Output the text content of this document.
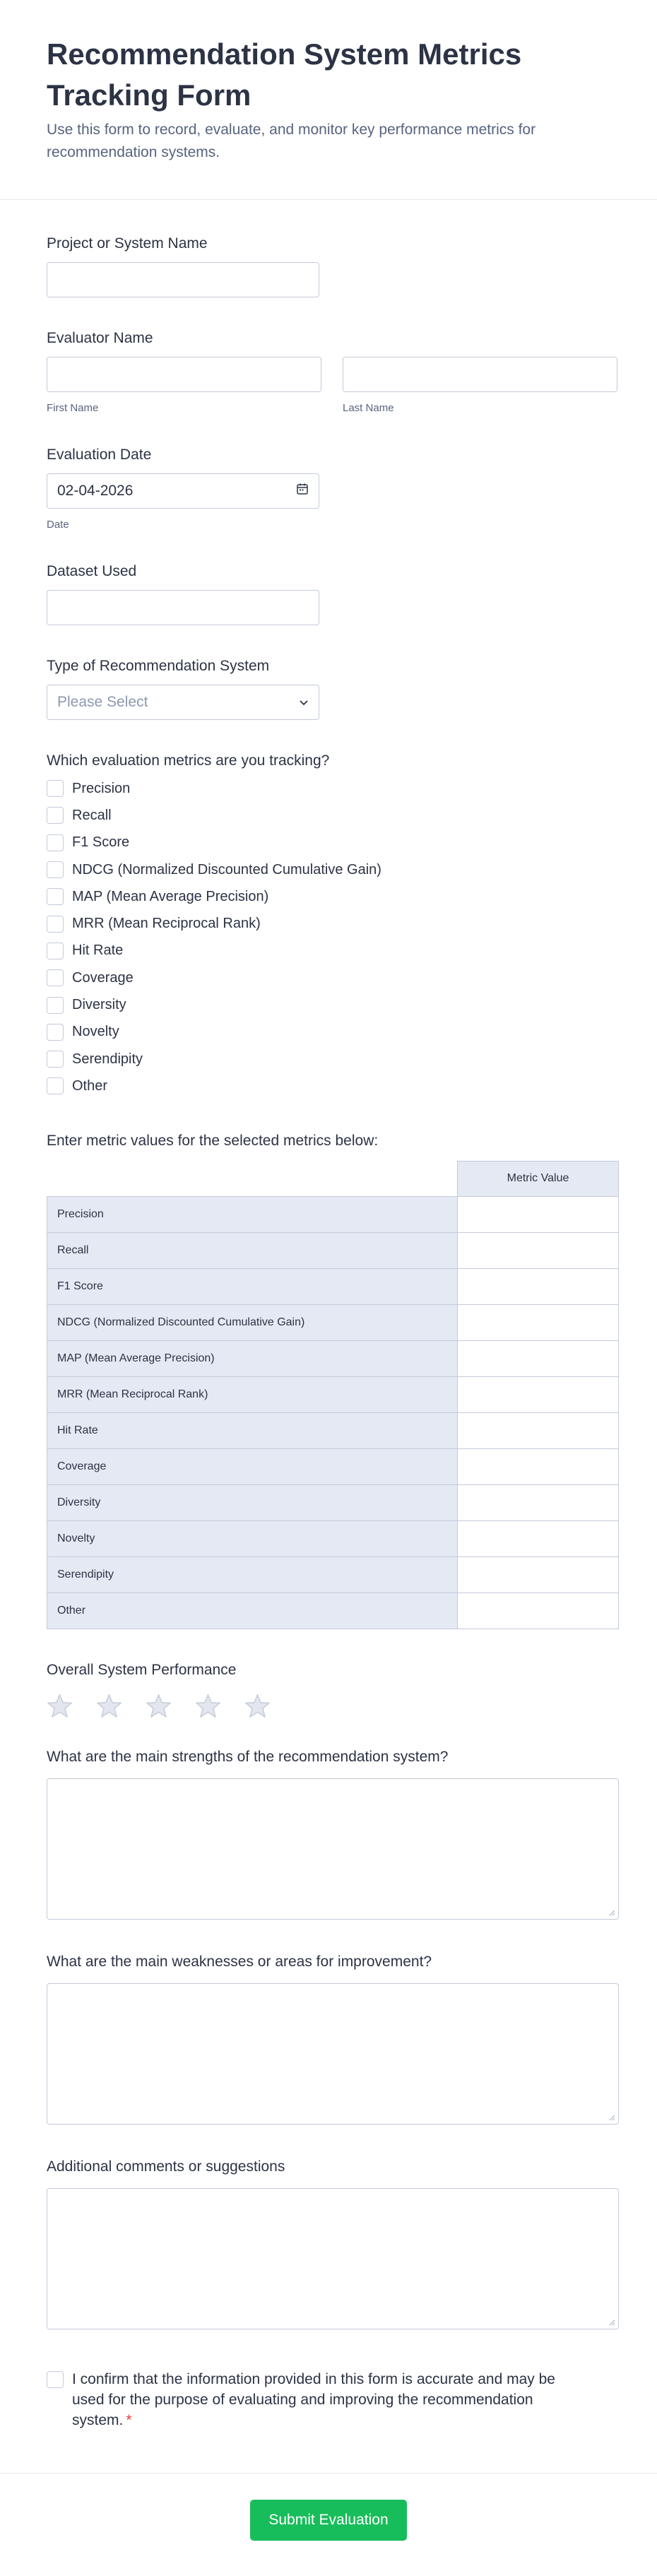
Recommendation System Metrics Tracking Form
Use this form to record, evaluate, and monitor key performance metrics for recommendation systems.
Project or System Name
Evaluator Name
First Name	Last Name
Evaluation Date
02-04-2026
Date
Dataset Used
Type of Recommendation System
Please Select
Which evaluation metrics are you tracking?
Precision
Recall
F1 Score
NDCG (Normalized Discounted Cumulative Gain)
MAP (Mean Average Precision)
MRR (Mean Reciprocal Rank)
Hit Rate
Coverage
Diversity
Novelty
Serendipity
Other
Enter metric values for the selected metrics below:
	Metric Value
Precision	
Recall	
F1 Score	
NDCG (Normalized Discounted Cumulative Gain)	
MAP (Mean Average Precision)	
MRR (Mean Reciprocal Rank)	
Hit Rate	
Coverage	
Diversity	
Novelty	
Serendipity	
Other	
Overall System Performance
What are the main strengths of the recommendation system?
What are the main weaknesses or areas for improvement?
Additional comments or suggestions
I confirm that the information provided in this form is accurate and may be used for the purpose of evaluating and improving the recommendation system. *
Submit Evaluation
